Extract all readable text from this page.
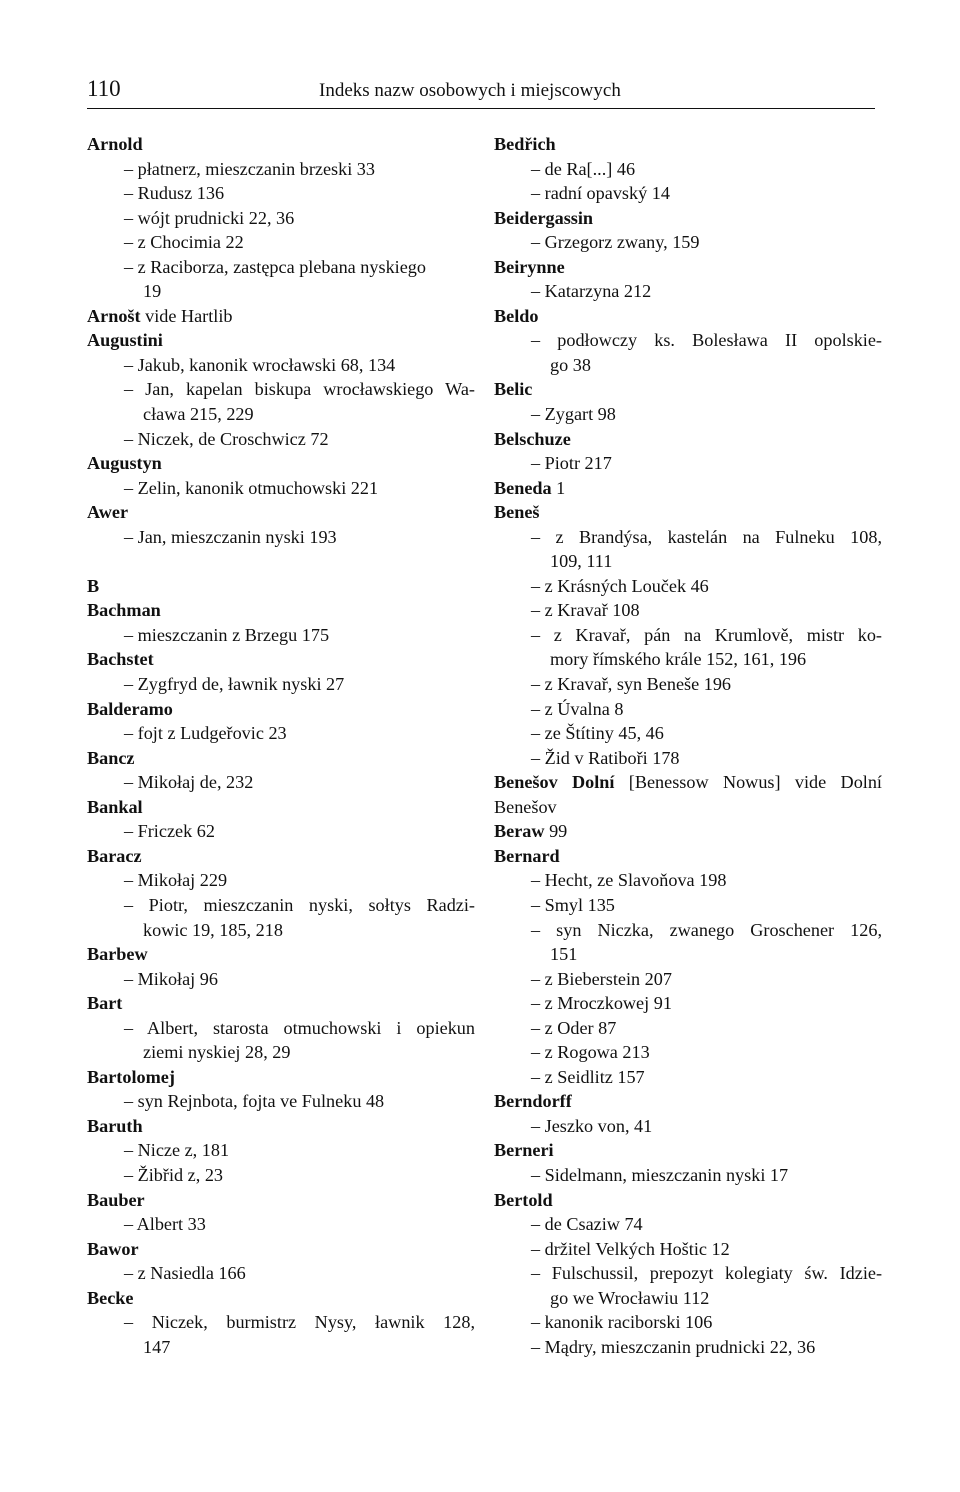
110	Indeks nazw osobowych i miejscowych
Arnold
– płatnerz, mieszczanin brzeski 33
– Rudusz 136
– wójt prudnicki 22, 36
– z Chocimia 22
– z Raciborza, zastępca plebana nyskiego
19
Arnošt vide Hartlib
Augustini
– Jakub, kanonik wrocławski 68, 134
– Jan, kapelan biskupa wrocławskiego Wa-
cława 215, 229
– Niczek, de Croschwicz 72
Augustyn
– Zelin, kanonik otmuchowski 221
Awer
– Jan, mieszczanin nyski 193
B
Bachman
– mieszczanin z Brzegu 175
Bachstet
– Zygfryd de, ławnik nyski 27
Balderamo
– fojt z Ludgeřovic 23
Bancz
– Mikołaj de, 232
Bankal
– Friczek 62
Baracz
– Mikołaj 229
– Piotr, mieszczanin nyski, sołtys Radzi-
kowic 19, 185, 218
Barbew
– Mikołaj 96
Bart
– Albert, starosta otmuchowski i opiekun
ziemi nyskiej 28, 29
Bartolomej
– syn Rejnbota, fojta ve Fulneku 48
Baruth
– Nicze z, 181
– Žibřid z, 23
Bauber
– Albert 33
Bawor
– z Nasiedla 166
Becke
– Niczek, burmistrz Nysy, ławnik 128,
147
Bedřich
– de Ra[...] 46
– radní opavský 14
Beidergassin
– Grzegorz zwany, 159
Beirynne
– Katarzyna 212
Beldo
– podłowczy ks. Bolesława II opolskie-
go 38
Belic
– Zygart 98
Belschuze
– Piotr 217
Beneda 1
Beneš
– z Brandýsa, kastelán na Fulneku 108,
109, 111
– z Krásných Louček 46
– z Kravař 108
– z Kravař, pán na Krumlově, mistr ko-
mory římského krále 152, 161, 196
– z Kravař, syn Beneše 196
– z Úvalna 8
– ze Štítiny 45, 46
– Žid v Ratiboři 178
Benešov Dolní [Benessow Nowus] vide Dolní
Benešov
Beraw 99
Bernard
– Hecht, ze Slavoňova 198
– Smyl 135
– syn Niczka, zwanego Groschener 126,
151
– z Bieberstein 207
– z Mroczkowej 91
– z Oder 87
– z Rogowa 213
– z Seidlitz 157
Berndorff
– Jeszko von, 41
Berneri
– Sidelmann, mieszczanin nyski 17
Bertold
– de Csaziw 74
– držitel Velkých Hoštic 12
– Fulschussil, prepozyt kolegiaty św. Idzie-
go we Wrocławiu 112
– kanonik raciborski 106
– Mądry, mieszczanin prudnicki 22, 36
